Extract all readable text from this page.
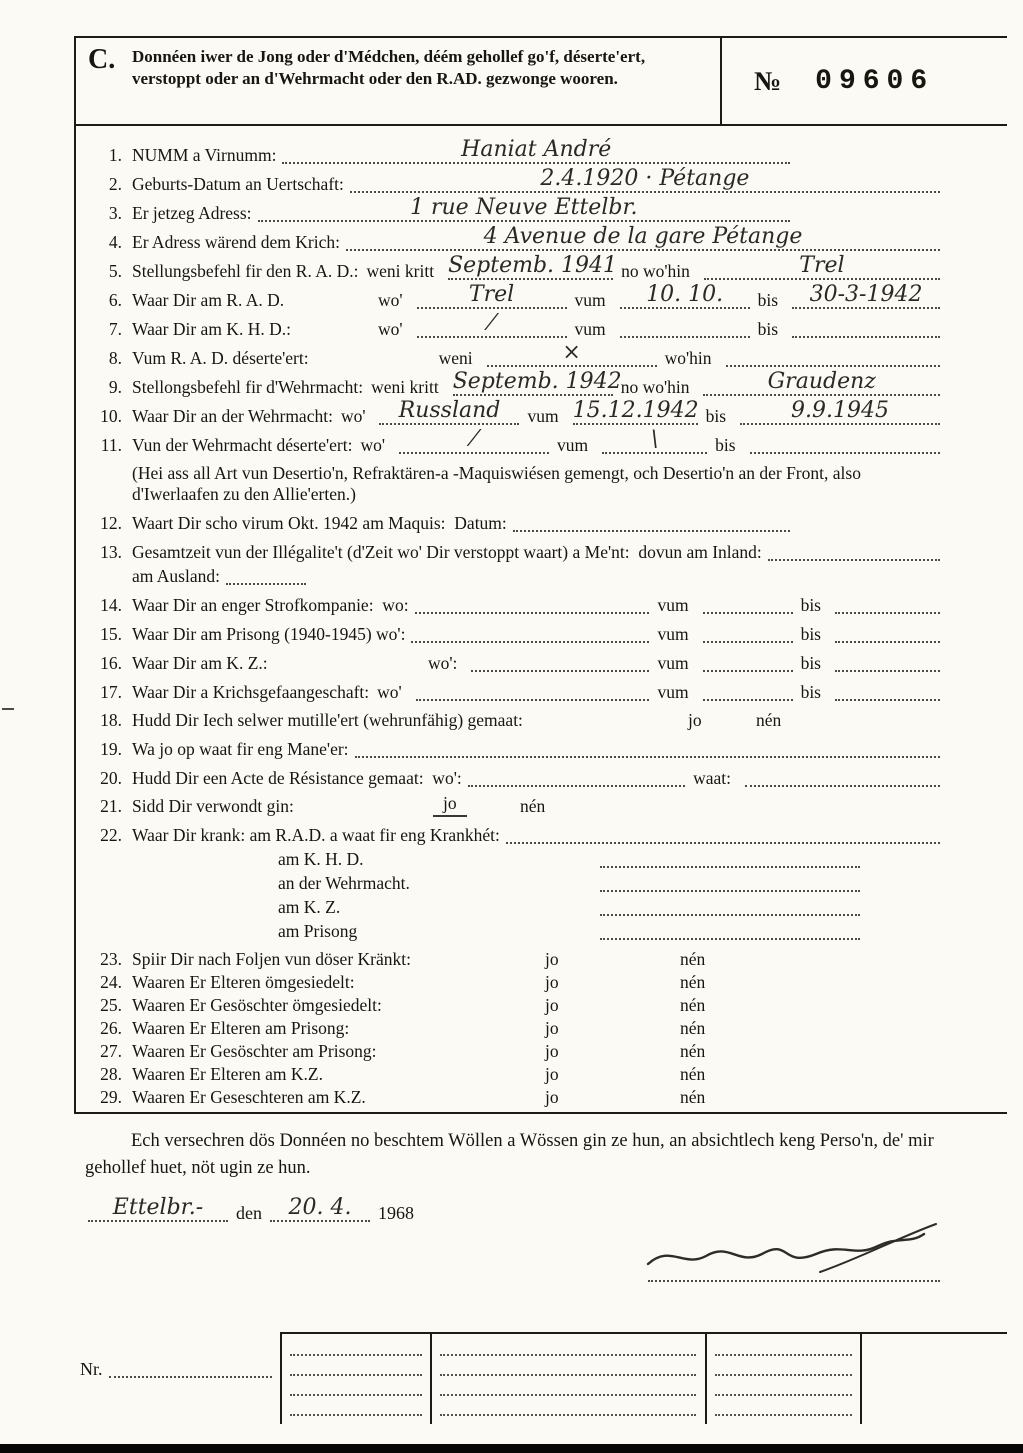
C. Donnéen iwer de Jong oder d'Médchen, déém gehollef go'f, déserte'ert, verstoppt oder an d'Wehrmacht oder den R.AD. gezwonge wooren.	№ 09606
1. NUMM a Virnumm:	Haniat André
2. Geburts-Datum an Uertschaft:	2.4.1920 · Pétange
3. Er jetzeg Adress:	1 rue Neuve Ettelbr.
4. Er Adress wärend dem Krich:	4 Avenue de la gare Pétange
5. Stellungsbefehl fir den R. A. D.: weni kritt Septemb. 1941 no wo'hin	Trel
6. Waar Dir am R. A. D.	wo'	Trel	vum	10. 10.	bis	30-3-1942
7. Waar Dir am K. H. D.:	wo'	⁄	vum	bis
8. Vum R. A. D. déserte'ert:	weni	×	wo'hin
9. Stellongsbefehl fir d'Wehrmacht: weni kritt Septemb. 1942 no wo'hin	Graudenz
10. Waar Dir an der Wehrmacht: wo'	Russland	vum 15.12.1942 bis	9.9.1945
11. Vun der Wehrmacht déserte'ert: wo'	⁄	vum	\	bis
(Hei ass all Art vun Desertio'n, Refraktären-a -Maquiswiésen gemengt, och Desertio'n an der Front, also d'Iwerlaafen zu den Allie'erten.)
12. Waart Dir scho virum Okt. 1942 am Maquis:  Datum:
13. Gesamtzeit vun der Illégalite't (d'Zeit wo' Dir verstoppt waart) a Me'nt:  dovun am Inland:
am Ausland:
14. Waar Dir an enger Strofkompanie:  wo:	vum	bis
15. Waar Dir am Prisong (1940-1945) wo':	vum	bis
16. Waar Dir am K. Z.:	wo':	vum	bis
17. Waar Dir a Krichsgefaangeschaft: wo'	vum	bis
18. Hudd Dir Iech selwer mutille'ert (wehrunfähig) gemaat:	jo	nén
19. Wa jo op waat fir eng Mane'er:
20. Hudd Dir een Acte de Résistance gemaat:  wo':	waat:
21. Sidd Dir verwondt gin:	jo	nén
22. Waar Dir krank: am R.A.D. a waat fir eng Krankhét:
am K. H. D.
an der Wehrmacht.
am K. Z.
am Prisong
23. Spiir Dir nach Foljen vun döser Kränkt:	jo	nén
24. Waaren Er Elteren ömgesiedelt:	jo	nén
25. Waaren Er Gesöschter ömgesiedelt:	jo	nén
26. Waaren Er Elteren am Prisong:	jo	nén
27. Waaren Er Gesöschter am Prisong:	jo	nén
28. Waaren Er Elteren am K.Z.	jo	nén
29. Waaren Er Geseschteren am K.Z.	jo	nén
Ech versechren dös Donnéen no beschtem Wöllen a Wössen gin ze hun, an absichtlech keng Perso'n, de' mir gehollef huet, nöt ugin ze hun.
Ettelbr.-	den	20. 4.	1968
Nr.
